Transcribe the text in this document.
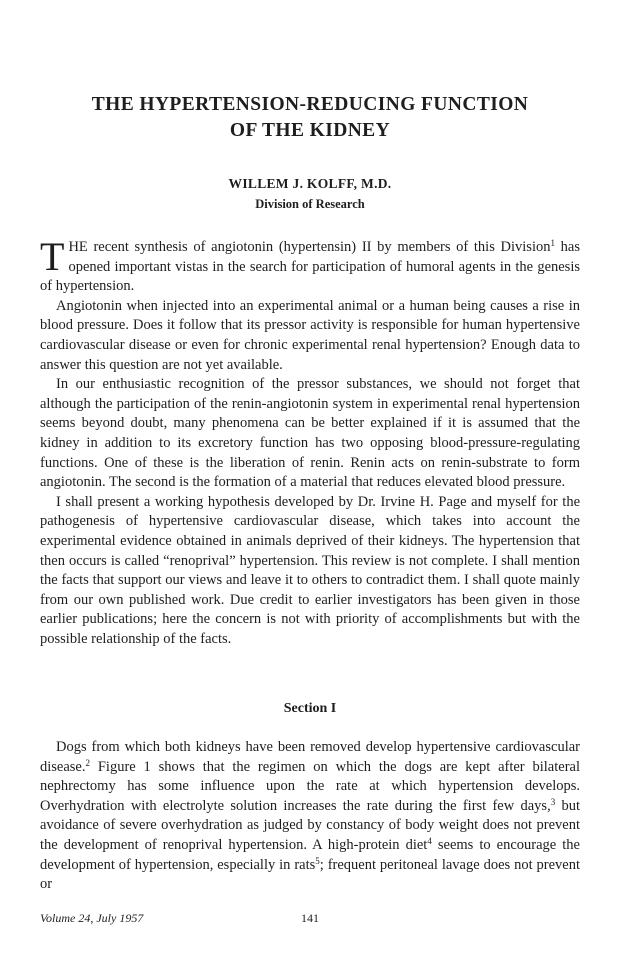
THE HYPERTENSION-REDUCING FUNCTION
OF THE KIDNEY
WILLEM J. KOLFF, M.D.
Division of Research

THE recent synthesis of angiotonin (hypertensin) II by members of this Division$^1$ has opened important vistas in the search for participation of humoral agents in the genesis of hypertension.

Angiotonin when injected into an experimental animal or a human being causes a rise in blood pressure. Does it follow that its pressor activity is responsible for human hypertensive cardiovascular disease or even for chronic experimental renal hypertension? Enough data to answer this question are not yet available.

In our enthusiastic recognition of the pressor substances, we should not forget that although the participation of the renin-angiotonin system in experimental renal hypertension seems beyond doubt, many phenomena can be better explained if it is assumed that the kidney in addition to its excretory function has two opposing blood-pressure-regulating functions. One of these is the liberation of renin. Renin acts on renin-substrate to form angiotonin. The second is the formation of a material that reduces elevated blood pressure.

I shall present a working hypothesis developed by Dr. Irvine H. Page and myself for the pathogenesis of hypertensive cardiovascular disease, which takes into account the experimental evidence obtained in animals deprived of their kidneys. The hypertension that then occurs is called “renoprival” hypertension. This review is not complete. I shall mention the facts that support our views and leave it to others to contradict them. I shall quote mainly from our own published work. Due credit to earlier investigators has been given in those earlier publications; here the concern is not with priority of accomplishments but with the possible relationship of the facts.

Section I

Dogs from which both kidneys have been removed develop hypertensive cardiovascular disease.$^2$ Figure 1 shows that the regimen on which the dogs are kept after bilateral nephrectomy has some influence upon the rate at which hypertension develops. Overhydration with electrolyte solution increases the rate during the first few days,$^3$ but avoidance of severe overhydration as judged by constancy of body weight does not prevent the development of renoprival hypertension. A high-protein diet$^4$ seems to encourage the development of hypertension, especially in rats$^5$; frequent peritoneal lavage does not prevent or

Volume 24, July 1957	141
